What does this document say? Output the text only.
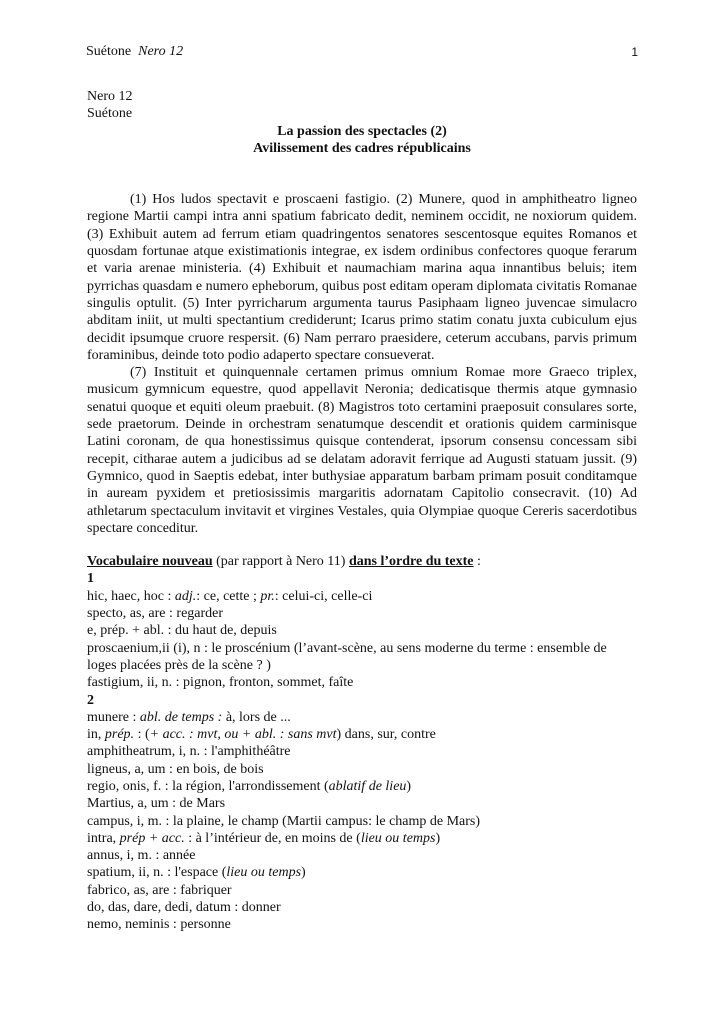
Suétone Nero 12	1

Nero 12

Suétone

La passion des spectacles (2)

Avilissement des cadres républicains

(1) Hos ludos spectavit e proscaeni fastigio. (2) Munere, quod in amphitheatro ligneo regione Martii campi intra anni spatium fabricato dedit, neminem occidit, ne noxiorum quidem. (3) Exhibuit autem ad ferrum etiam quadringentos senatores sescentosque equites Romanos et quosdam fortunae atque existimationis integrae, ex isdem ordinibus confectores quoque ferarum et varia arenae ministeria. (4) Exhibuit et naumachiam marina aqua innantibus beluis; item pyrrichas quasdam e numero epheborum, quibus post editam operam diplomata civitatis Romanae singulis optulit. (5) Inter pyrricharum argumenta taurus Pasiphaam ligneo juvencae simulacro abditam iniit, ut multi spectantium crediderunt; Icarus primo statim conatu juxta cubiculum ejus decidit ipsumque cruore respersit. (6) Nam perraro praesidere, ceterum accubans, parvis primum foraminibus, deinde toto podio adaperto spectare consueverat.

(7) Instituit et quinquennale certamen primus omnium Romae more Graeco triplex, musicum gymnicum equestre, quod appellavit Neronia; dedicatisque thermis atque gymnasio senatui quoque et equiti oleum praebuit. (8) Magistros toto certamini praeposuit consulares sorte, sede praetorum. Deinde in orchestram senatumque descendit et orationis quidem carminisque Latini coronam, de qua honestissimus quisque contenderat, ipsorum consensu concessam sibi recepit, citharae autem a judicibus ad se delatam adoravit ferrique ad Augusti statuam jussit. (9) Gymnico, quod in Saeptis edebat, inter buthysiae apparatum barbam primam posuit conditamque in auream pyxidem et pretiosissimis margaritis adornatam Capitolio consecravit. (10) Ad athletarum spectaculum invitavit et virgines Vestales, quia Olympiae quoque Cereris sacerdotibus spectare conceditur.

Vocabulaire nouveau (par rapport à Nero 11) dans l’ordre du texte :

1

hic, haec, hoc : adj.: ce, cette ; pr.: celui-ci, celle-ci

specto, as, are : regarder

e, prép. + abl. : du haut de, depuis

proscaenium,ii (i), n : le proscénium (l’avant-scène, au sens moderne du terme : ensemble de loges placées près de la scène ? )

fastigium, ii, n. : pignon, fronton, sommet, faîte

2

munere : abl. de temps : à, lors de ...

in, prép. : (+ acc. : mvt, ou + abl. : sans mvt) dans, sur, contre

amphitheatrum, i, n. : l'amphithéâtre

ligneus, a, um : en bois, de bois

regio, onis, f. : la région, l'arrondissement (ablatif de lieu)

Martius, a, um : de Mars

campus, i, m. : la plaine, le champ (Martii campus: le champ de Mars)

intra, prép + acc. : à l’intérieur de, en moins de (lieu ou temps)

annus, i, m. : année

spatium, ii, n. : l'espace (lieu ou temps)

fabrico, as, are : fabriquer

do, das, dare, dedi, datum : donner

nemo, neminis : personne
